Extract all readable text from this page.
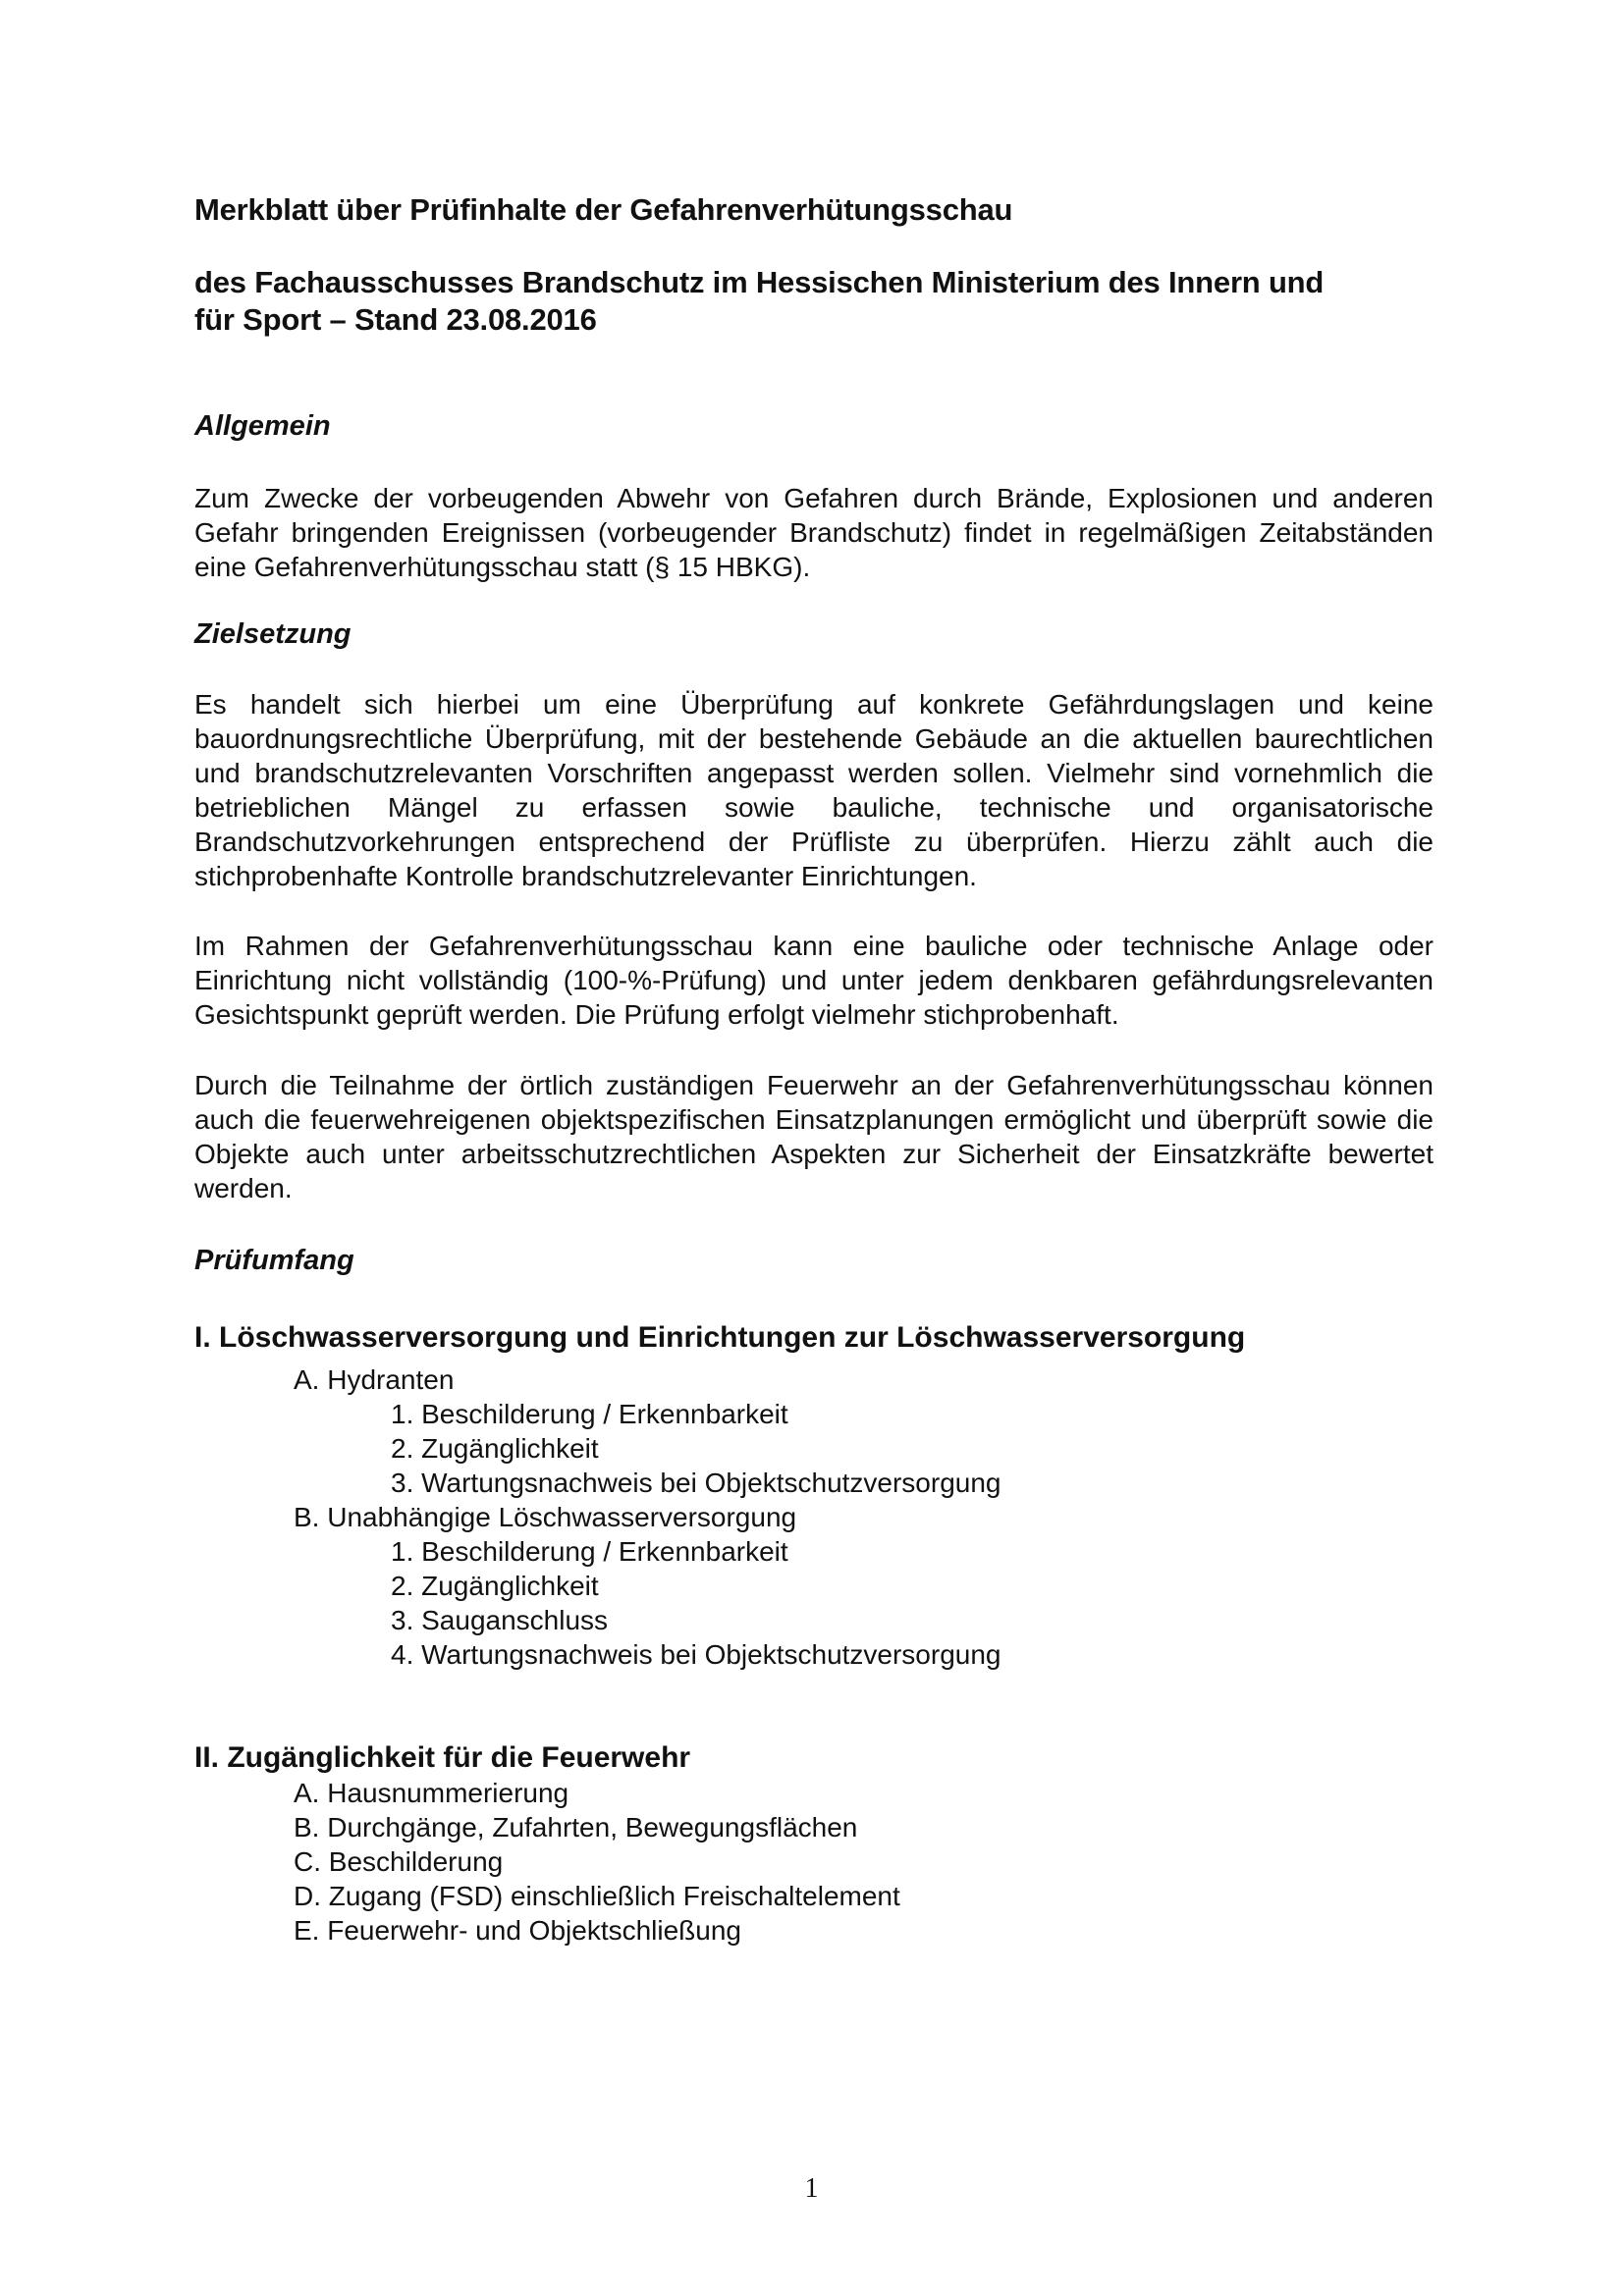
Merkblatt über Prüfinhalte der Gefahrenverhütungsschau
des Fachausschusses Brandschutz im Hessischen Ministerium des Innern und
für Sport – Stand 23.08.2016
Allgemein

Zum Zwecke der vorbeugenden Abwehr von Gefahren durch Brände, Explosionen und anderen Gefahr bringenden Ereignissen (vorbeugender Brandschutz) findet in regelmäßigen Zeitabständen eine Gefahrenverhütungsschau statt (§ 15 HBKG).

Zielsetzung

Es handelt sich hierbei um eine Überprüfung auf konkrete Gefährdungslagen und keine bauordnungsrechtliche Überprüfung, mit der bestehende Gebäude an die aktuellen baurechtlichen und brandschutzrelevanten Vorschriften angepasst werden sollen. Vielmehr sind vornehmlich die betrieblichen Mängel zu erfassen sowie bauliche, technische und organisatorische Brandschutzvorkehrungen entsprechend der Prüfliste zu überprüfen. Hierzu zählt auch die stichprobenhafte Kontrolle brandschutzrelevanter Einrichtungen.

Im Rahmen der Gefahrenverhütungsschau kann eine bauliche oder technische Anlage oder Einrichtung nicht vollständig (100-%-Prüfung) und unter jedem denkbaren gefährdungsrelevanten Gesichtspunkt geprüft werden. Die Prüfung erfolgt vielmehr stichprobenhaft.

Durch die Teilnahme der örtlich zuständigen Feuerwehr an der Gefahrenverhütungsschau können auch die feuerwehreigenen objektspezifischen Einsatzplanungen ermöglicht und überprüft sowie die Objekte auch unter arbeitsschutzrechtlichen Aspekten zur Sicherheit der Einsatzkräfte bewertet werden.

Prüfumfang
I. Löschwasserversorgung und Einrichtungen zur Löschwasserversorgung
A. Hydranten
1. Beschilderung / Erkennbarkeit
2. Zugänglichkeit
3. Wartungsnachweis bei Objektschutzversorgung
B. Unabhängige Löschwasserversorgung
1. Beschilderung / Erkennbarkeit
2. Zugänglichkeit
3. Sauganschluss
4. Wartungsnachweis bei Objektschutzversorgung
II. Zugänglichkeit für die Feuerwehr
A. Hausnummerierung
B. Durchgänge, Zufahrten, Bewegungsflächen
C. Beschilderung
D. Zugang (FSD) einschließlich Freischaltelement
E. Feuerwehr- und Objektschließung
1
